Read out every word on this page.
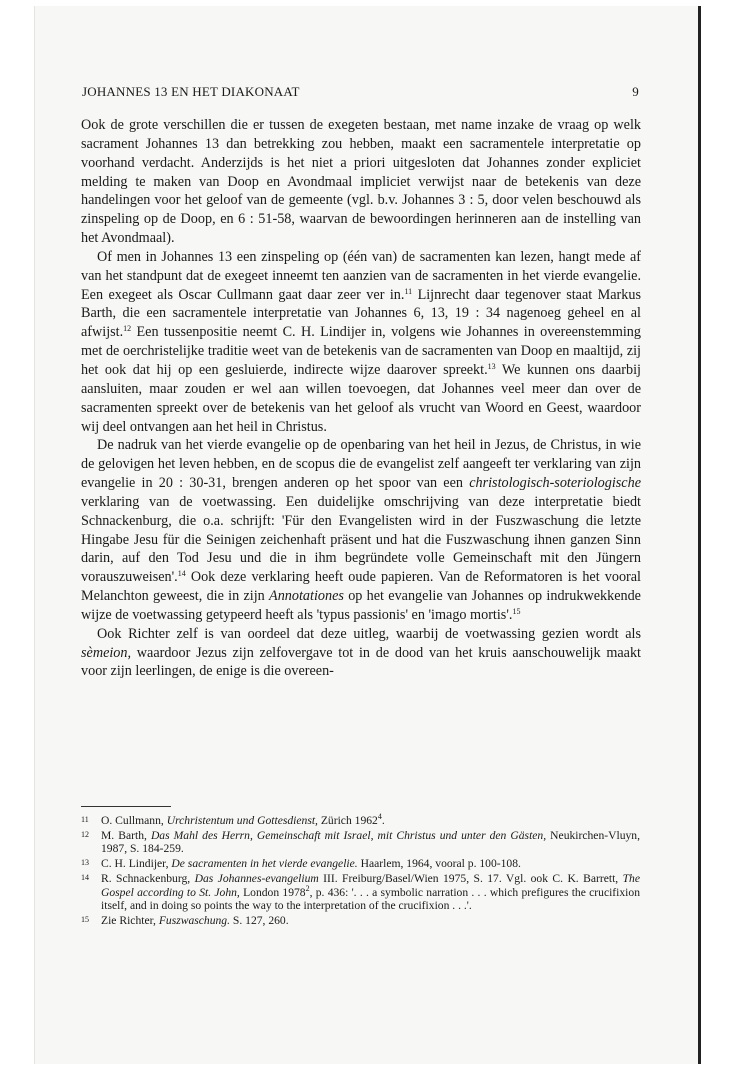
JOHANNES 13 EN HET DIAKONAAT	9

Ook de grote verschillen die er tussen de exegeten bestaan, met name inzake de vraag op welk sacrament Johannes 13 dan betrekking zou hebben, maakt een sacramentele interpretatie op voorhand verdacht. Anderzijds is het niet a priori uitgesloten dat Johannes zonder expliciet melding te maken van Doop en Avondmaal impliciet verwijst naar de betekenis van deze handelingen voor het geloof van de gemeente (vgl. b.v. Johannes 3 : 5, door velen beschouwd als zinspeling op de Doop, en 6 : 51-58, waarvan de bewoordingen herinneren aan de instelling van het Avondmaal).

Of men in Johannes 13 een zinspeling op (één van) de sacramenten kan lezen, hangt mede af van het standpunt dat de exegeet inneemt ten aanzien van de sacramenten in het vierde evangelie. Een exegeet als Oscar Cullmann gaat daar zeer ver in.$^{11}$ Lijnrecht daar tegenover staat Markus Barth, die een sacramentele interpretatie van Johannes 6, 13, 19 : 34 nagenoeg geheel en al afwijst.$^{12}$ Een tussenpositie neemt C. H. Lindijer in, volgens wie Johannes in overeenstemming met de oerchristelijke traditie weet van de betekenis van de sacramenten van Doop en maaltijd, zij het ook dat hij op een gesluierde, indirecte wijze daarover spreekt.$^{13}$ We kunnen ons daarbij aansluiten, maar zouden er wel aan willen toevoegen, dat Johannes veel meer dan over de sacramenten spreekt over de betekenis van het geloof als vrucht van Woord en Geest, waardoor wij deel ontvangen aan het heil in Christus.

De nadruk van het vierde evangelie op de openbaring van het heil in Jezus, de Christus, in wie de gelovigen het leven hebben, en de scopus die de evangelist zelf aangeeft ter verklaring van zijn evangelie in 20 : 30-31, brengen anderen op het spoor van een christologisch-soteriologische verklaring van de voetwassing. Een duidelijke omschrijving van deze interpretatie biedt Schnackenburg, die o.a. schrijft: 'Für den Evangelisten wird in der Fuszwaschung die letzte Hingabe Jesu für die Seinigen zeichenhaft präsent und hat die Fuszwaschung ihnen ganzen Sinn darin, auf den Tod Jesu und die in ihm begründete volle Gemeinschaft mit den Jüngern vorauszuweisen'.$^{14}$ Ook deze verklaring heeft oude papieren. Van de Reformatoren is het vooral Melanchton geweest, die in zijn Annotationes op het evangelie van Johannes op indrukwekkende wijze de voetwassing getypeerd heeft als 'typus passionis' en 'imago mortis'.$^{15}$

Ook Richter zelf is van oordeel dat deze uitleg, waarbij de voetwassing gezien wordt als sèmeion, waardoor Jezus zijn zelfovergave tot in de dood van het kruis aanschouwelijk maakt voor zijn leerlingen, de enige is die overeen-

11 O. Cullmann, Urchristentum und Gottesdienst, Zürich 1962$^4$.
12 M. Barth, Das Mahl des Herrn, Gemeinschaft mit Israel, mit Christus und unter den Gästen, Neukirchen-Vluyn, 1987, S. 184-259.
13 C. H. Lindijer, De sacramenten in het vierde evangelie. Haarlem, 1964, vooral p. 100-108.
14 R. Schnackenburg, Das Johannes-evangelium III. Freiburg/Basel/Wien 1975, S. 17. Vgl. ook C. K. Barrett, The Gospel according to St. John, London 1978$^2$, p. 436: '. . . a symbolic narration . . . which prefigures the crucifixion itself, and in doing so points the way to the interpretation of the crucifixion . . .'.
15 Zie Richter, Fuszwaschung. S. 127, 260.
